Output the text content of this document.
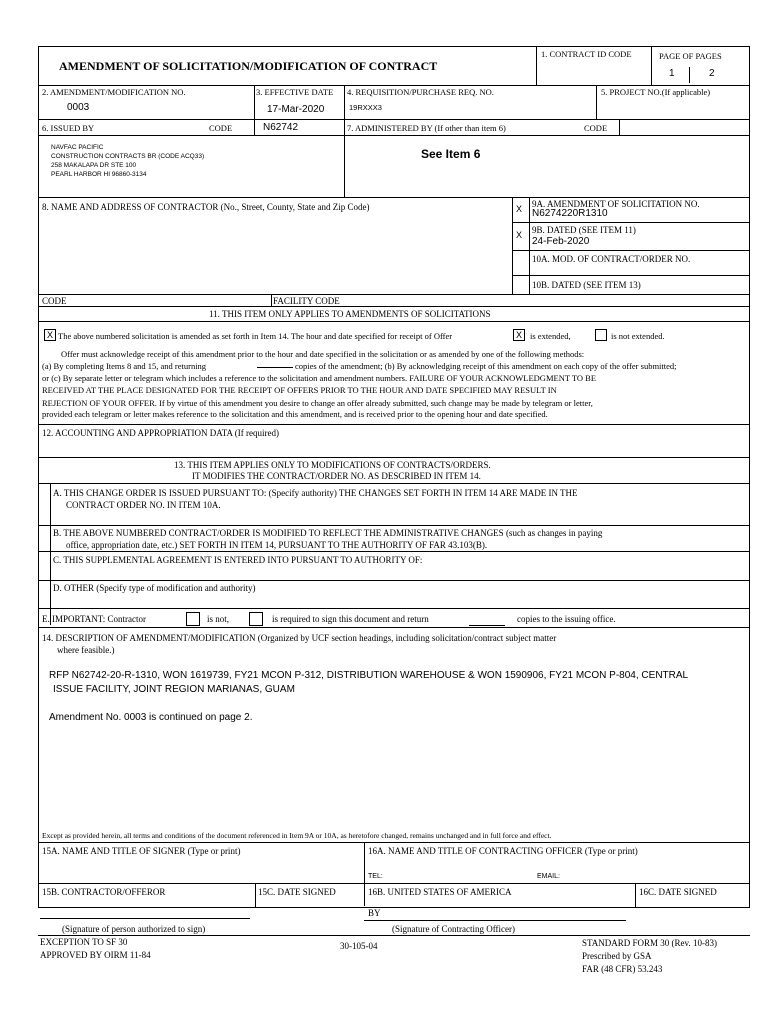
AMENDMENT OF SOLICITATION/MODIFICATION OF CONTRACT
1. CONTRACT ID CODE	PAGE OF PAGES
1	2
2. AMENDMENT/MODIFICATION NO.
0003
3. EFFECTIVE DATE
17-Mar-2020
4. REQUISITION/PURCHASE REQ. NO.
19RXXX3
5. PROJECT NO.(If applicable)
6. ISSUED BY	CODE	N62742	7. ADMINISTERED BY (If other than item 6)	CODE
NAVFAC PACIFIC
CONSTRUCTION CONTRACTS BR (CODE ACQ33)
258 MAKALAPA DR STE 100
PEARL HARBOR HI 96860-3134
See Item 6
8. NAME AND ADDRESS OF CONTRACTOR (No., Street, County, State and Zip Code)	X 9A. AMENDMENT OF SOLICITATION NO.
N6274220R1310
X 9B. DATED (SEE ITEM 11)
24-Feb-2020
10A. MOD. OF CONTRACT/ORDER NO.
10B. DATED (SEE ITEM 13)
CODE	FACILITY CODE
11. THIS ITEM ONLY APPLIES TO AMENDMENTS OF SOLICITATIONS
X The above numbered solicitation is amended as set forth in Item 14. The hour and date specified for receipt of Offer	X is extended,	is not extended.
Offer must acknowledge receipt of this amendment prior to the hour and date specified in the solicitation or as amended by one of the following methods:
(a) By completing Items 8 and 15, and returning	copies of the amendment; (b) By acknowledging receipt of this amendment on each copy of the offer submitted;
or (c) By separate letter or telegram which includes a reference to the solicitation and amendment numbers. FAILURE OF YOUR ACKNOWLEDGMENT TO BE
RECEIVED AT THE PLACE DESIGNATED FOR THE RECEIPT OF OFFERS PRIOR TO THE HOUR AND DATE SPECIFIED MAY RESULT IN
REJECTION OF YOUR OFFER. If by virtue of this amendment you desire to change an offer already submitted, such change may be made by telegram or letter,
provided each telegram or letter makes reference to the solicitation and this amendment, and is received prior to the opening hour and date specified.
12. ACCOUNTING AND APPROPRIATION DATA (If required)
13. THIS ITEM APPLIES ONLY TO MODIFICATIONS OF CONTRACTS/ORDERS.
IT MODIFIES THE CONTRACT/ORDER NO. AS DESCRIBED IN ITEM 14.
A. THIS CHANGE ORDER IS ISSUED PURSUANT TO: (Specify authority) THE CHANGES SET FORTH IN ITEM 14 ARE MADE IN THE
CONTRACT ORDER NO. IN ITEM 10A.
B. THE ABOVE NUMBERED CONTRACT/ORDER IS MODIFIED TO REFLECT THE ADMINISTRATIVE CHANGES (such as changes in paying
office, appropriation date, etc.) SET FORTH IN ITEM 14, PURSUANT TO THE AUTHORITY OF FAR 43.103(B).
C. THIS SUPPLEMENTAL AGREEMENT IS ENTERED INTO PURSUANT TO AUTHORITY OF:
D. OTHER (Specify type of modification and authority)
E. IMPORTANT: Contractor	is not,	is required to sign this document and return	copies to the issuing office.
14. DESCRIPTION OF AMENDMENT/MODIFICATION (Organized by UCF section headings, including solicitation/contract subject matter
where feasible.)
RFP N62742-20-R-1310, WON 1619739, FY21 MCON P-312, DISTRIBUTION WAREHOUSE & WON 1590906, FY21 MCON P-804, CENTRAL
ISSUE FACILITY, JOINT REGION MARIANAS, GUAM
Amendment No. 0003 is continued on page 2.
Except as provided herein, all terms and conditions of the document referenced in Item 9A or 10A, as heretofore changed, remains unchanged and in full force and effect.
15A. NAME AND TITLE OF SIGNER (Type or print)	16A. NAME AND TITLE OF CONTRACTING OFFICER (Type or print)
TEL:	EMAIL:
15B. CONTRACTOR/OFFEROR	15C. DATE SIGNED	16B. UNITED STATES OF AMERICA	16C. DATE SIGNED
BY
(Signature of person authorized to sign)	(Signature of Contracting Officer)
EXCEPTION TO SF 30
APPROVED BY OIRM 11-84
30-105-04	STANDARD FORM 30 (Rev. 10-83)
Prescribed by GSA
FAR (48 CFR) 53.243
